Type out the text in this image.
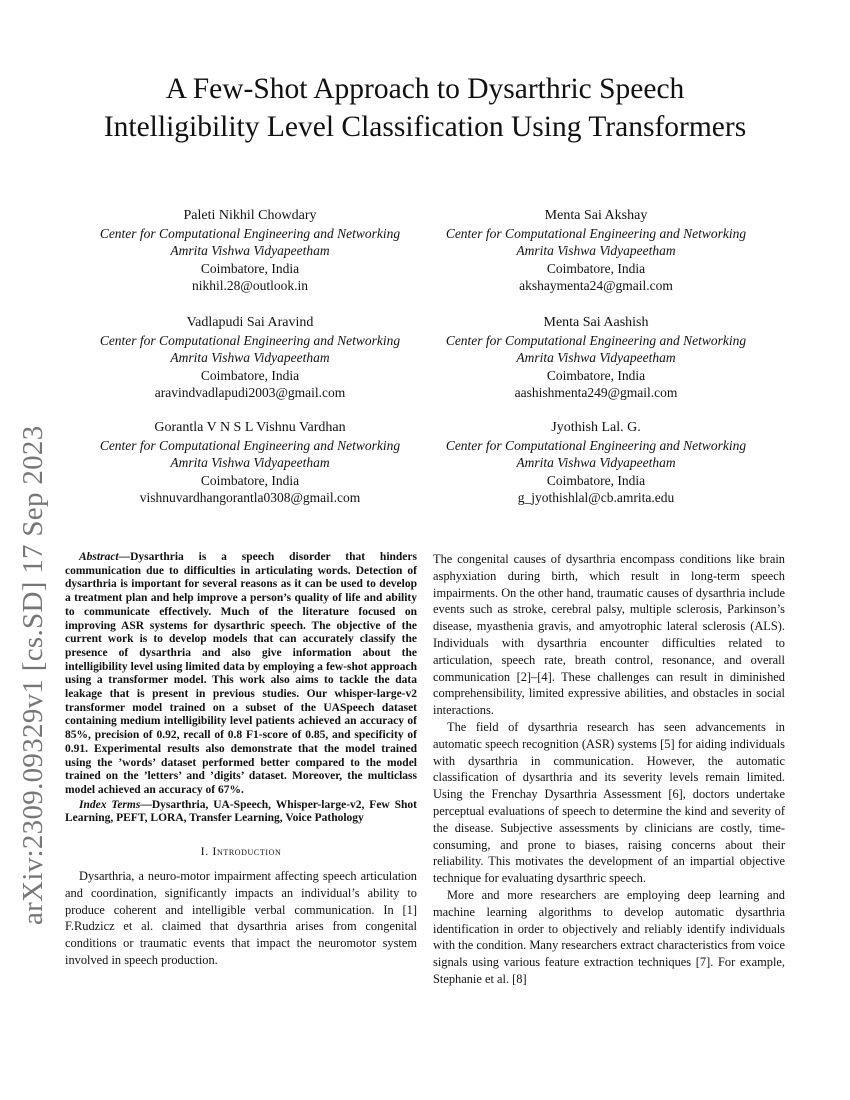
arXiv:2309.09329v1 [cs.SD] 17 Sep 2023
A Few-Shot Approach to Dysarthric Speech Intelligibility Level Classification Using Transformers
Paleti Nikhil Chowdary
Center for Computational Engineering and Networking
Amrita Vishwa Vidyapeetham
Coimbatore, India
nikhil.28@outlook.in
Menta Sai Akshay
Center for Computational Engineering and Networking
Amrita Vishwa Vidyapeetham
Coimbatore, India
akshaymenta24@gmail.com
Vadlapudi Sai Aravind
Center for Computational Engineering and Networking
Amrita Vishwa Vidyapeetham
Coimbatore, India
aravindvadlapudi2003@gmail.com
Menta Sai Aashish
Center for Computational Engineering and Networking
Amrita Vishwa Vidyapeetham
Coimbatore, India
aashishmenta249@gmail.com
Gorantla V N S L Vishnu Vardhan
Center for Computational Engineering and Networking
Amrita Vishwa Vidyapeetham
Coimbatore, India
vishnuvardhangorantla0308@gmail.com
Jyothish Lal. G.
Center for Computational Engineering and Networking
Amrita Vishwa Vidyapeetham
Coimbatore, India
g_jyothishlal@cb.amrita.edu

Abstract—Dysarthria is a speech disorder that hinders communication due to difficulties in articulating words. Detection of dysarthria is important for several reasons as it can be used to develop a treatment plan and help improve a person’s quality of life and ability to communicate effectively. Much of the literature focused on improving ASR systems for dysarthric speech. The objective of the current work is to develop models that can accurately classify the presence of dysarthria and also give information about the intelligibility level using limited data by employing a few-shot approach using a transformer model. This work also aims to tackle the data leakage that is present in previous studies. Our whisper-large-v2 transformer model trained on a subset of the UASpeech dataset containing medium intelligibility level patients achieved an accuracy of 85%, precision of 0.92, recall of 0.8 F1-score of 0.85, and specificity of 0.91. Experimental results also demonstrate that the model trained using the ’words’ dataset performed better compared to the model trained on the ’letters’ and ’digits’ dataset. Moreover, the multiclass model achieved an accuracy of 67%.

Index Terms—Dysarthria, UA-Speech, Whisper-large-v2, Few Shot Learning, PEFT, LORA, Transfer Learning, Voice Pathology

I. Introduction

Dysarthria, a neuro-motor impairment affecting speech articulation and coordination, significantly impacts an individual’s ability to produce coherent and intelligible verbal communication. In [1] F.Rudzicz et al. claimed that dysarthria arises from congenital conditions or traumatic events that impact the neuromotor system involved in speech production.

The congenital causes of dysarthria encompass conditions like brain asphyxiation during birth, which result in long-term speech impairments. On the other hand, traumatic causes of dysarthria include events such as stroke, cerebral palsy, multiple sclerosis, Parkinson’s disease, myasthenia gravis, and amyotrophic lateral sclerosis (ALS). Individuals with dysarthria encounter difficulties related to articulation, speech rate, breath control, resonance, and overall communication [2]–[4]. These challenges can result in diminished comprehensibility, limited expressive abilities, and obstacles in social interactions.

The field of dysarthria research has seen advancements in automatic speech recognition (ASR) systems [5] for aiding individuals with dysarthria in communication. However, the automatic classification of dysarthria and its severity levels remain limited. Using the Frenchay Dysarthria Assessment [6], doctors undertake perceptual evaluations of speech to determine the kind and severity of the disease. Subjective assessments by clinicians are costly, time-consuming, and prone to biases, raising concerns about their reliability. This motivates the development of an impartial objective technique for evaluating dysarthric speech.

More and more researchers are employing deep learning and machine learning algorithms to develop automatic dysarthria identification in order to objectively and reliably identify individuals with the condition. Many researchers extract characteristics from voice signals using various feature extraction techniques [7]. For example, Stephanie et al. [8]
